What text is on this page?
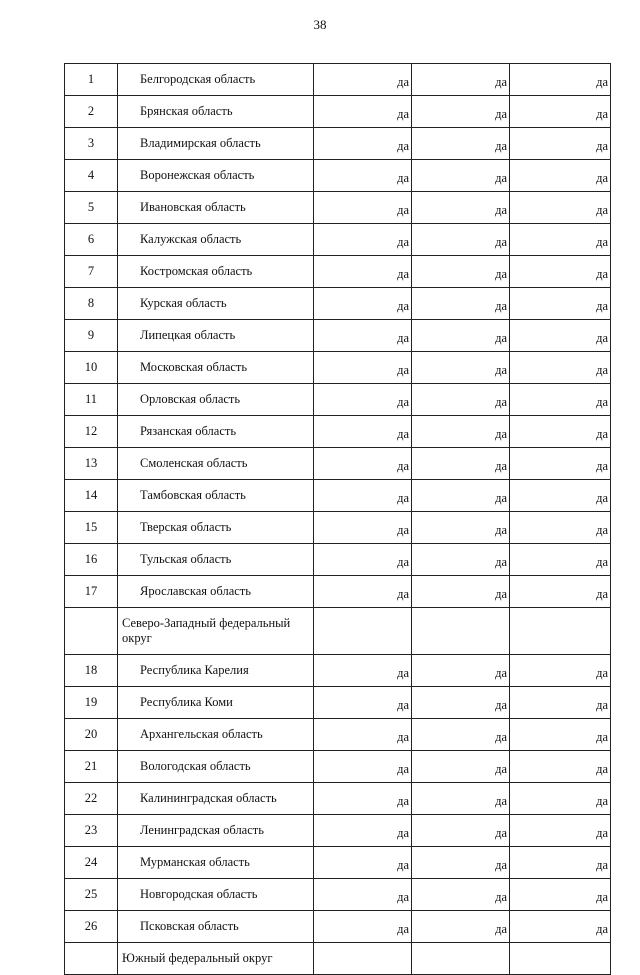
38
1	Белгородская область	да	да	да
2	Брянская область	да	да	да
3	Владимирская область	да	да	да
4	Воронежская область	да	да	да
5	Ивановская область	да	да	да
6	Калужская область	да	да	да
7	Костромская область	да	да	да
8	Курская область	да	да	да
9	Липецкая область	да	да	да
10	Московская область	да	да	да
11	Орловская область	да	да	да
12	Рязанская область	да	да	да
13	Смоленская область	да	да	да
14	Тамбовская область	да	да	да
15	Тверская область	да	да	да
16	Тульская область	да	да	да
17	Ярославская область	да	да	да
	Северо-Западный федеральный округ			
18	Республика Карелия	да	да	да
19	Республика Коми	да	да	да
20	Архангельская область	да	да	да
21	Вологодская область	да	да	да
22	Калининградская область	да	да	да
23	Ленинградская область	да	да	да
24	Мурманская область	да	да	да
25	Новгородская область	да	да	да
26	Псковская область	да	да	да
	Южный федеральный округ			
